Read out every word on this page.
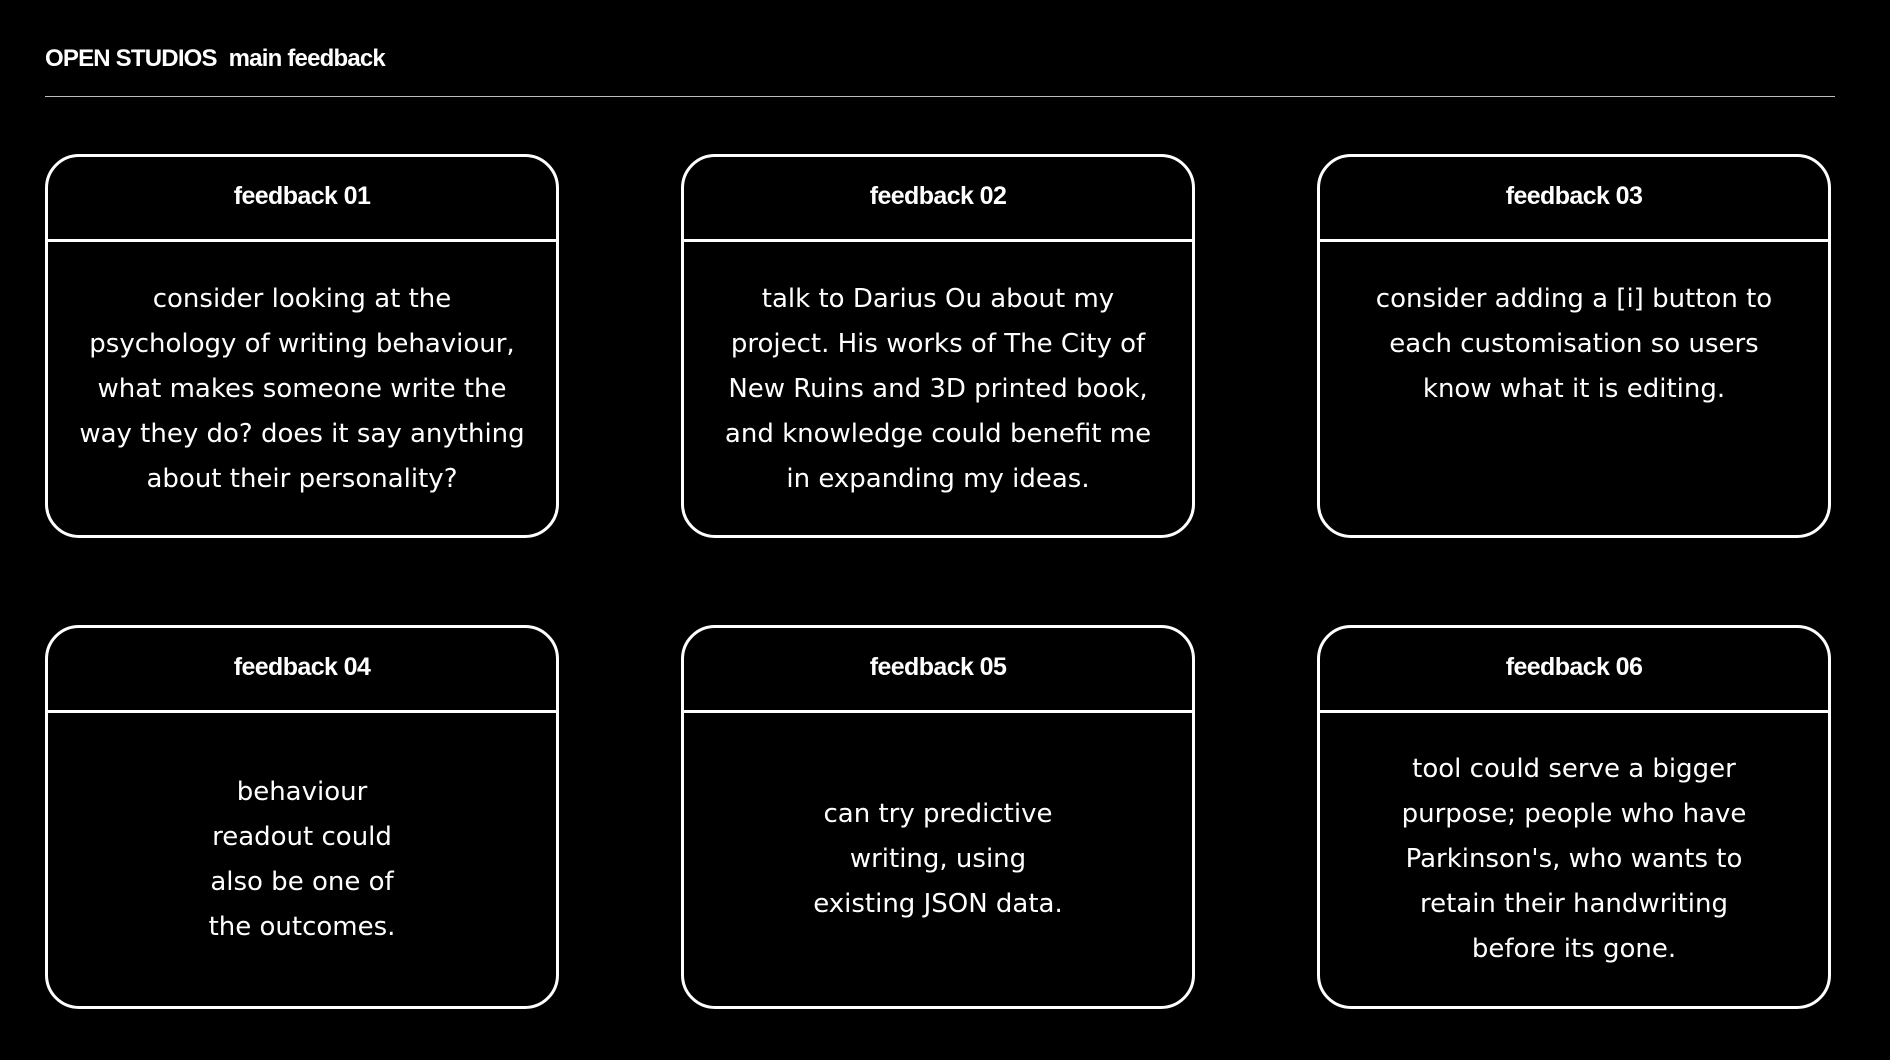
OPEN STUDIOS main feedback
feedback 01
consider looking at the
psychology of writing behaviour,
what makes someone write the
way they do? does it say anything
about their personality?
feedback 02
talk to Darius Ou about my
project. His works of The City of
New Ruins and 3D printed book,
and knowledge could benefit me
in expanding my ideas.
feedback 03
consider adding a [i] button to
each customisation so users
know what it is editing.
feedback 04
behaviour
readout could
also be one of
the outcomes.
feedback 05
can try predictive
writing, using
existing JSON data.
feedback 06
tool could serve a bigger
purpose; people who have
Parkinson's, who wants to
retain their handwriting
before its gone.
